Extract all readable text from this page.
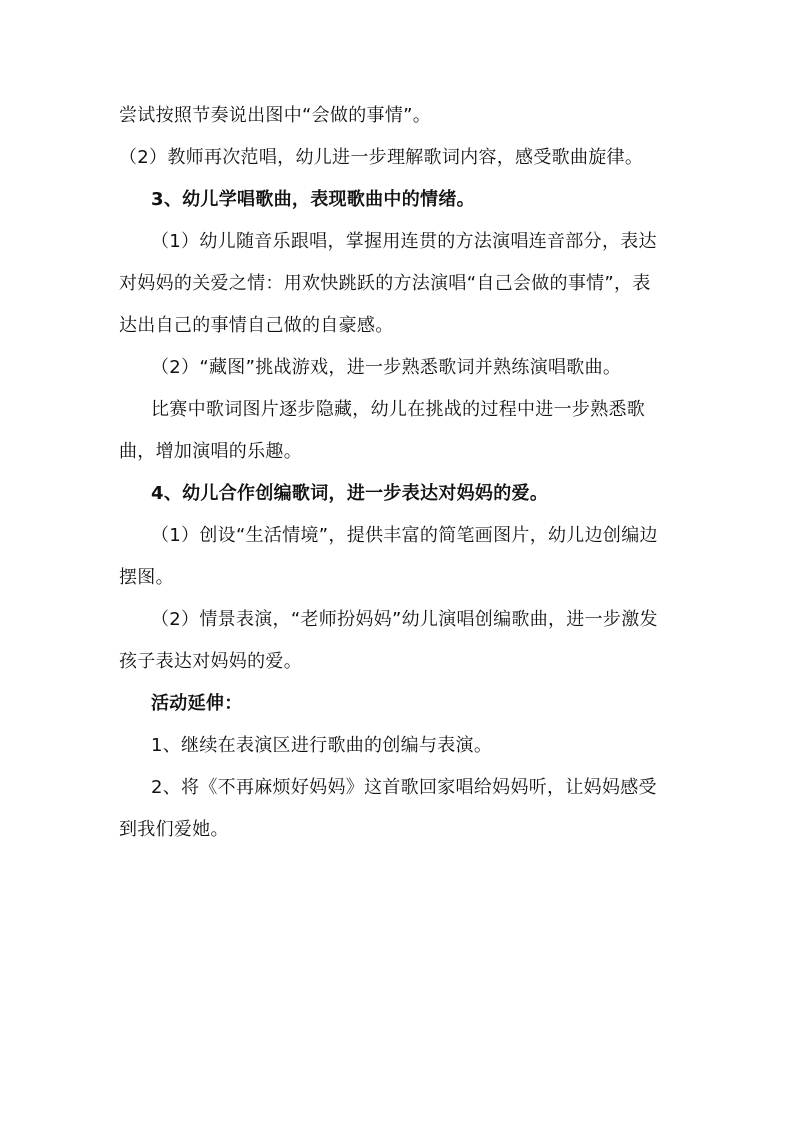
尝试按照节奏说出图中“会做的事情”。
（2）教师再次范唱，幼儿进一步理解歌词内容，感受歌曲旋律。
3、幼儿学唱歌曲，表现歌曲中的情绪。
（1）幼儿随音乐跟唱，掌握用连贯的方法演唱连音部分，表达
对妈妈的关爱之情：用欢快跳跃的方法演唱“自己会做的事情”，表
达出自己的事情自己做的自豪感。
（2）“藏图”挑战游戏，进一步熟悉歌词并熟练演唱歌曲。
比赛中歌词图片逐步隐藏，幼儿在挑战的过程中进一步熟悉歌
曲，增加演唱的乐趣。
4、幼儿合作创编歌词，进一步表达对妈妈的爱。
（1）创设“生活情境”，提供丰富的简笔画图片，幼儿边创编边
摆图。
（2）情景表演，“老师扮妈妈”幼儿演唱创编歌曲，进一步激发
孩子表达对妈妈的爱。
活动延伸：
1、继续在表演区进行歌曲的创编与表演。
2、将《不再麻烦好妈妈》这首歌回家唱给妈妈听，让妈妈感受
到我们爱她。
